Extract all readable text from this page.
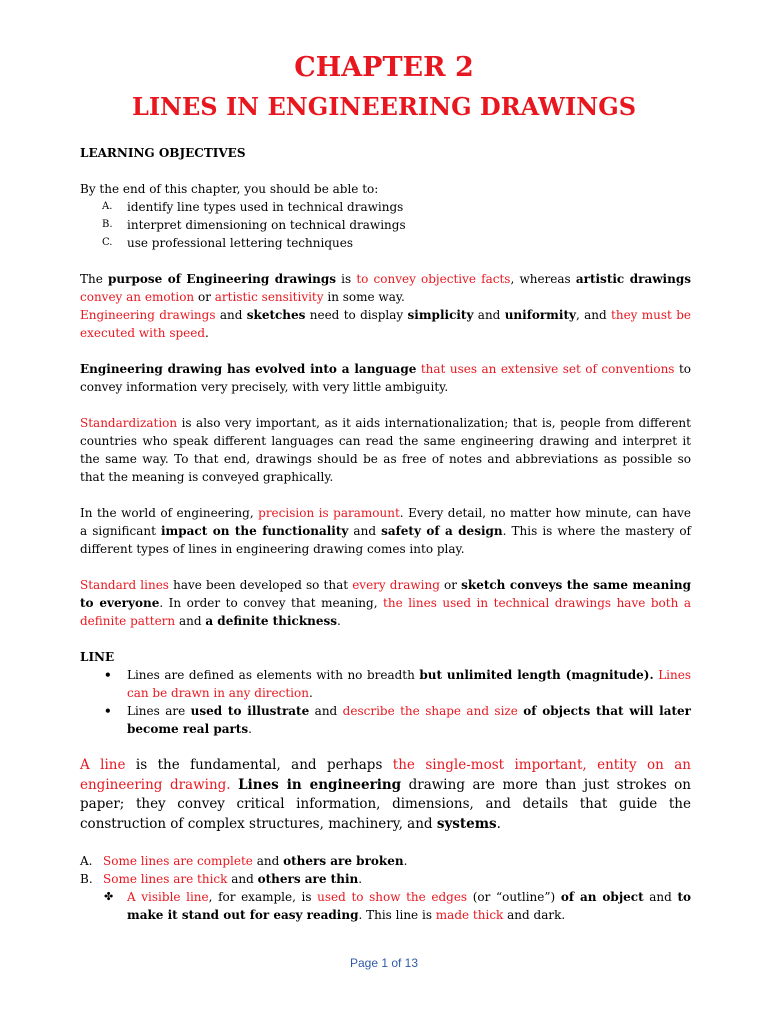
CHAPTER 2
LINES IN ENGINEERING DRAWINGS
LEARNING OBJECTIVES
By the end of this chapter, you should be able to:
A.	identify line types used in technical drawings
B.	interpret dimensioning on technical drawings
C.	use professional lettering techniques
The purpose of Engineering drawings is to convey objective facts, whereas artistic drawings convey an emotion or artistic sensitivity in some way.
Engineering drawings and sketches need to display simplicity and uniformity, and they must be executed with speed.
Engineering drawing has evolved into a language that uses an extensive set of conventions to convey information very precisely, with very little ambiguity.
Standardization is also very important, as it aids internationalization; that is, people from different countries who speak different languages can read the same engineering drawing and interpret it the same way. To that end, drawings should be as free of notes and abbreviations as possible so that the meaning is conveyed graphically.
In the world of engineering, precision is paramount. Every detail, no matter how minute, can have a significant impact on the functionality and safety of a design. This is where the mastery of different types of lines in engineering drawing comes into play.
Standard lines have been developed so that every drawing or sketch conveys the same meaning to everyone. In order to convey that meaning, the lines used in technical drawings have both a definite pattern and a definite thickness.
LINE
• Lines are defined as elements with no breadth but unlimited length (magnitude). Lines can be drawn in any direction.
• Lines are used to illustrate and describe the shape and size of objects that will later become real parts.
A line is the fundamental, and perhaps the single-most important, entity on an engineering drawing. Lines in engineering drawing are more than just strokes on paper; they convey critical information, dimensions, and details that guide the construction of complex structures, machinery, and systems.
A. Some lines are complete and others are broken.
B. Some lines are thick and others are thin.
✤ A visible line, for example, is used to show the edges (or “outline”) of an object and to make it stand out for easy reading. This line is made thick and dark.
Page 1 of 13
